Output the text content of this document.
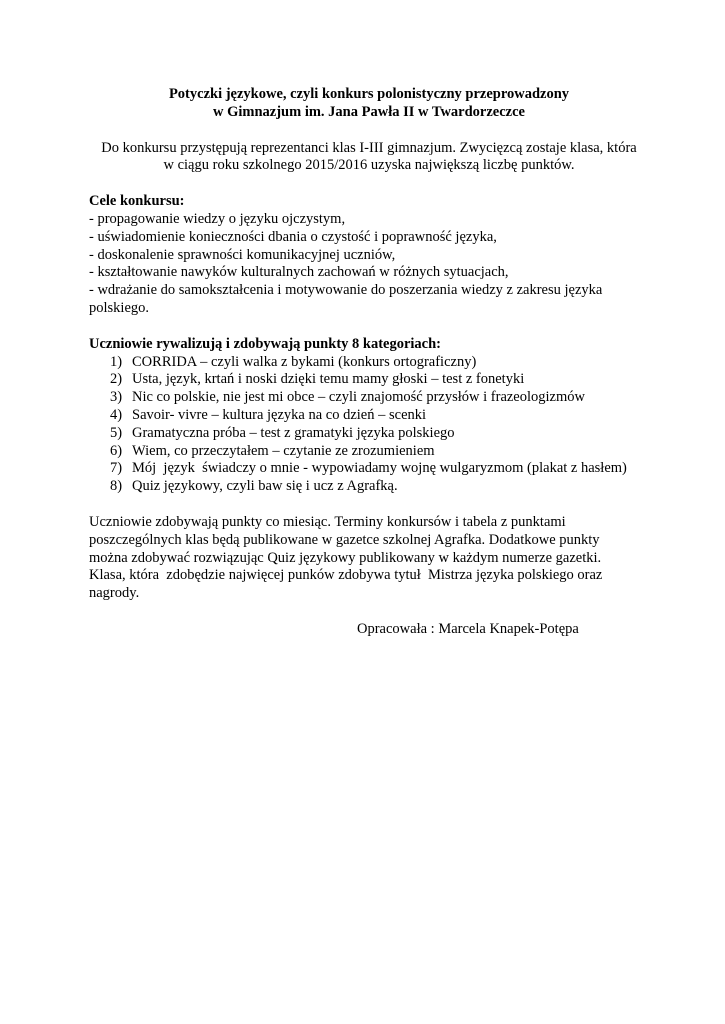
Potyczki językowe, czyli konkurs polonistyczny przeprowadzony
w Gimnazjum im. Jana Pawła II w Twardorzeczce
Do konkursu przystępują reprezentanci klas I-III gimnazjum. Zwycięzcą zostaje klasa, która
w ciągu roku szkolnego 2015/2016 uzyska największą liczbę punktów.
Cele konkursu:
- propagowanie wiedzy o języku ojczystym,
- uświadomienie konieczności dbania o czystość i poprawność języka,
- doskonalenie sprawności komunikacyjnej uczniów,
- kształtowanie nawyków kulturalnych zachowań w różnych sytuacjach,
- wdrażanie do samokształcenia i motywowanie do poszerzania wiedzy z zakresu języka
polskiego.
Uczniowie rywalizują i zdobywają punkty 8 kategoriach:
1) CORRIDA – czyli walka z bykami (konkurs ortograficzny)
2) Usta, język, krtań i noski dzięki temu mamy głoski – test z fonetyki
3) Nic co polskie, nie jest mi obce – czyli znajomość przysłów i frazeologizmów
4) Savoir- vivre – kultura języka na co dzień – scenki
5) Gramatyczna próba – test z gramatyki języka polskiego
6) Wiem, co przeczytałem – czytanie ze zrozumieniem
7) Mój  język  świadczy o mnie - wypowiadamy wojnę wulgaryzmom (plakat z hasłem)
8) Quiz językowy, czyli baw się i ucz z Agrafką.
Uczniowie zdobywają punkty co miesiąc. Terminy konkursów i tabela z punktami
poszczególnych klas będą publikowane w gazetce szkolnej Agrafka. Dodatkowe punkty
można zdobywać rozwiązując Quiz językowy publikowany w każdym numerze gazetki.
Klasa, która  zdobędzie najwięcej punków zdobywa tytuł  Mistrza języka polskiego oraz
nagrody.
Opracowała : Marcela Knapek-Potępa
